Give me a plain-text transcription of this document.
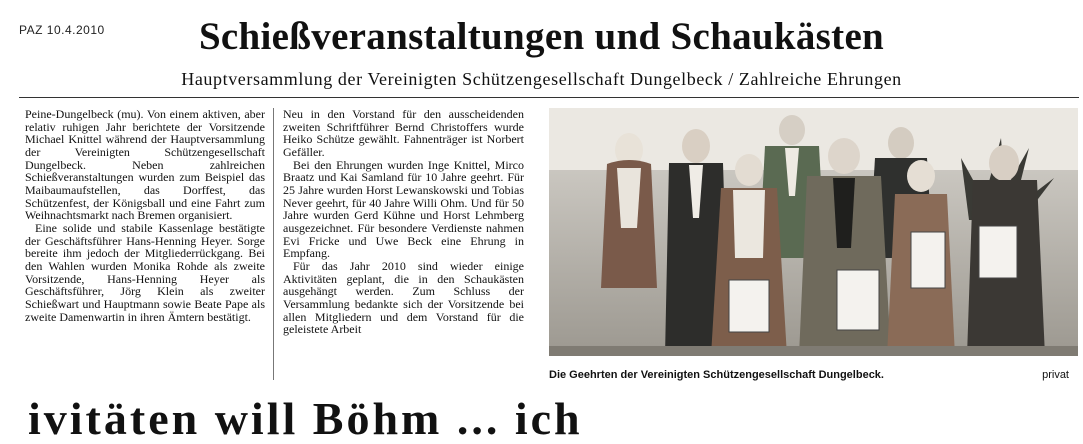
PAZ 10.4.2010	Schießveranstaltungen und Schaukästen
Hauptversammlung der Vereinigten Schützengesellschaft Dungelbeck / Zahlreiche Ehrungen

Peine-Dungelbeck (mu). Von einem aktiven, aber relativ ruhigen Jahr berichtete der Vorsitzende Michael Knittel während der Hauptversammlung der Vereinigten Schützengesellschaft Dungelbeck. Neben zahlreichen Schießveranstaltungen wurden zum Beispiel das Maibaumaufstellen, das Dorffest, das Schützenfest, der Königsball und eine Fahrt zum Weihnachtsmarkt nach Bremen organisiert.

Eine solide und stabile Kassenlage bestätigte der Geschäftsführer Hans-Henning Heyer. Sorge bereite ihm jedoch der Mitgliederrückgang. Bei den Wahlen wurden Monika Rohde als zweite Vorsitzende, Hans-Henning Heyer als Geschäftsführer, Jörg Klein als zweiter Schießwart und Hauptmann sowie Beate Pape als zweite Damenwartin in ihren Ämtern bestätigt.

Neu in den Vorstand für den ausscheidenden zweiten Schriftführer Bernd Christoffers wurde Heiko Schütze gewählt. Fahnenträger ist Norbert Gefäller.

Bei den Ehrungen wurden Inge Knittel, Mirco Braatz und Kai Samland für 10 Jahre geehrt. Für 25 Jahre wurden Horst Lewanskowski und Tobias Never geehrt, für 40 Jahre Willi Ohm. Und für 50 Jahre wurden Gerd Kühne und Horst Lehmberg ausgezeichnet. Für besondere Verdienste nahmen Evi Fricke und Uwe Beck eine Ehrung in Empfang.

Für das Jahr 2010 sind wieder einige Aktivitäten geplant, die in den Schaukästen ausgehängt werden. Zum Schluss der Versammlung bedankte sich der Vorsitzende bei allen Mitgliedern und dem Vorstand für die geleistete Arbeit

Die Geehrten der Vereinigten Schützengesellschaft Dungelbeck.	privat
ivitäten will Böhm ... ich
